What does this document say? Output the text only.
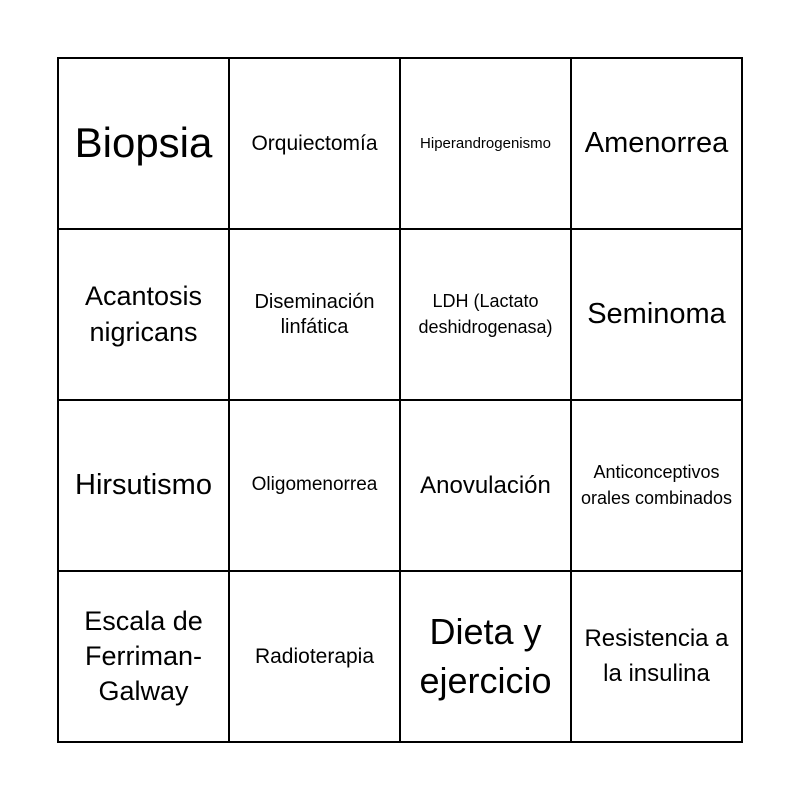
Biopsia Orquiectomía	Hiperandrogenismo Amenorrea
Acantosis nigricans
Diseminación linfática
LDH (Lactato deshidrogenasa)	Seminoma
Hirsutismo Oligomenorrea Anovulación	Anticonceptivos orales combinados
Escala de Ferriman-Galway
Radioterapia
Dieta y ejercicio
Resistencia a la insulina
